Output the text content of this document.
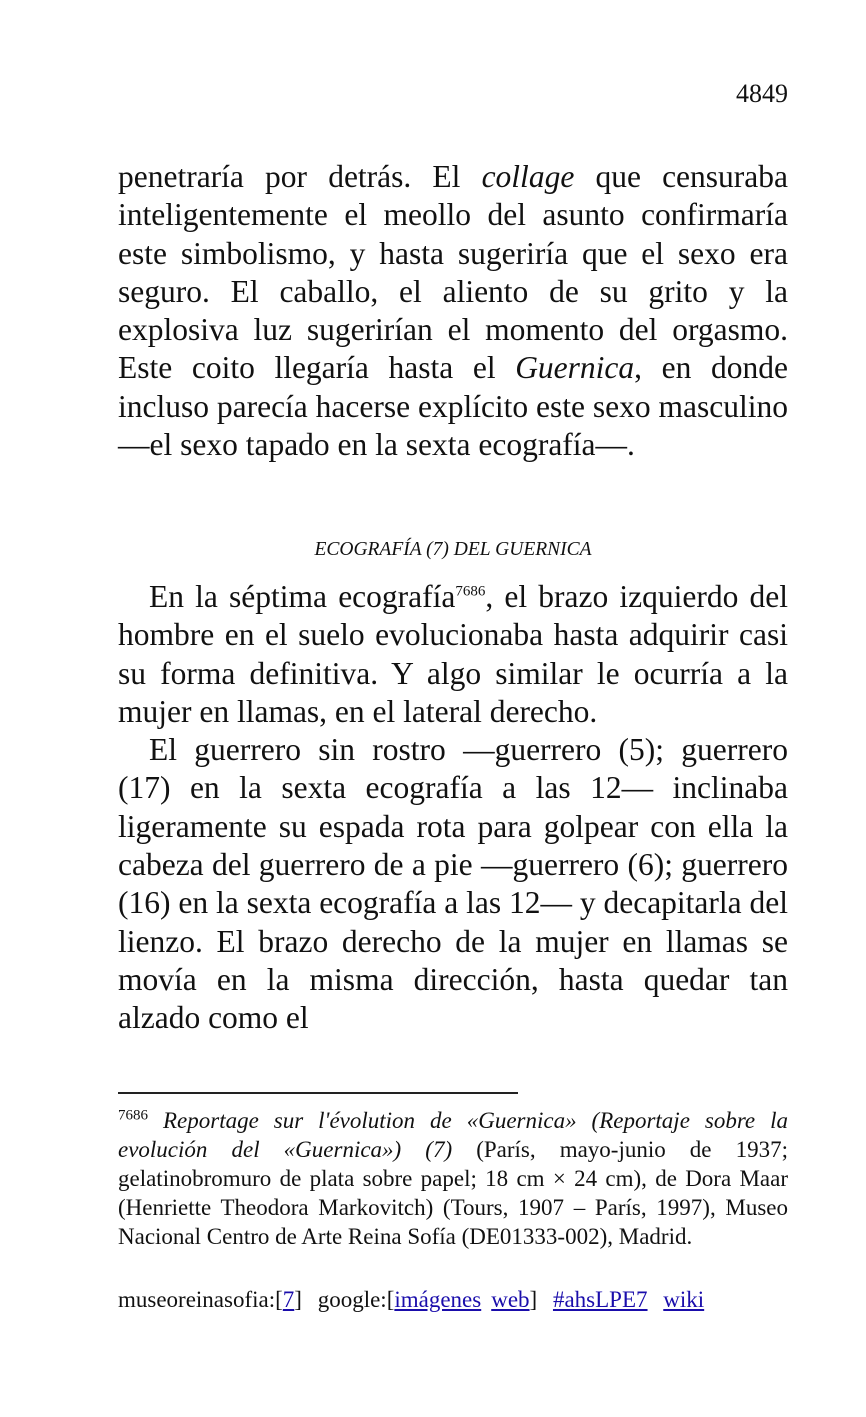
4849

penetraría por detrás. El collage que censuraba inteligentemente el meollo del asunto confirmaría este simbolismo, y hasta sugeriría que el sexo era seguro. El caballo, el aliento de su grito y la explosiva luz sugerirían el momento del orgasmo. Este coito llegaría hasta el Guernica, en donde incluso parecía hacerse explícito este sexo masculino —el sexo tapado en la sexta ecografía—.

ECOGRAFÍA (7) DEL GUERNICA

En la séptima ecografía$^{7686}$, el brazo izquierdo del hombre en el suelo evolucionaba hasta adquirir casi su forma definitiva. Y algo similar le ocurría a la mujer en llamas, en el lateral derecho.

El guerrero sin rostro —guerrero (5); guerrero (17) en la sexta ecografía a las 12— inclinaba ligeramente su espada rota para golpear con ella la cabeza del guerrero de a pie —guerrero (6); guerrero (16) en la sexta ecografía a las 12— y decapitarla del lienzo. El brazo derecho de la mujer en llamas se movía en la misma dirección, hasta quedar tan alzado como el

$^{7686}$ Reportage sur l'évolution de «Guernica» (Reportaje sobre la evolución del «Guernica») (7) (París, mayo-junio de 1937; gelatinobromuro de plata sobre papel; 18 cm × 24 cm), de Dora Maar (Henriette Theodora Markovitch) (Tours, 1907 – París, 1997), Museo Nacional Centro de Arte Reina Sofía (DE01333-002), Madrid.
museoreinasofia:[7] google:[imágenes web] #ahsLPE7 wiki
